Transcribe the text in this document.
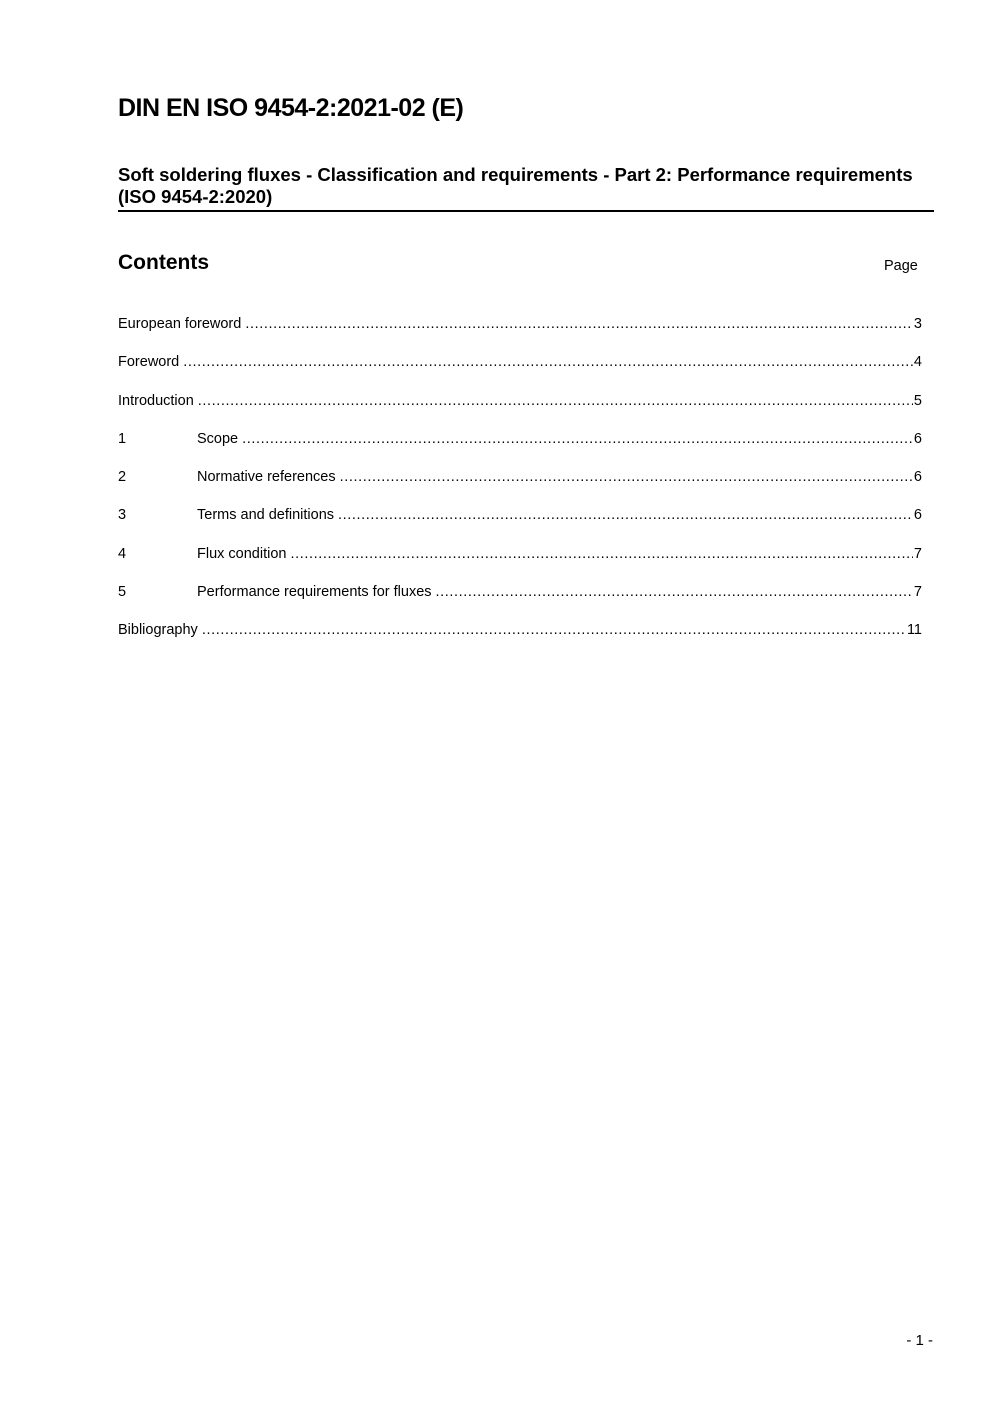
DIN EN ISO 9454-2:2021-02 (E)
Soft soldering fluxes - Classification and requirements - Part 2: Performance requirements (ISO 9454-2:2020)
Contents	Page
European foreword .....	3
Foreword .....	4
Introduction .....	5
1	Scope .....	6
2	Normative references .....	6
3	Terms and definitions .....	6
4	Flux condition .....	7
5	Performance requirements for fluxes .....	7
Bibliography .....	11
- 1 -
